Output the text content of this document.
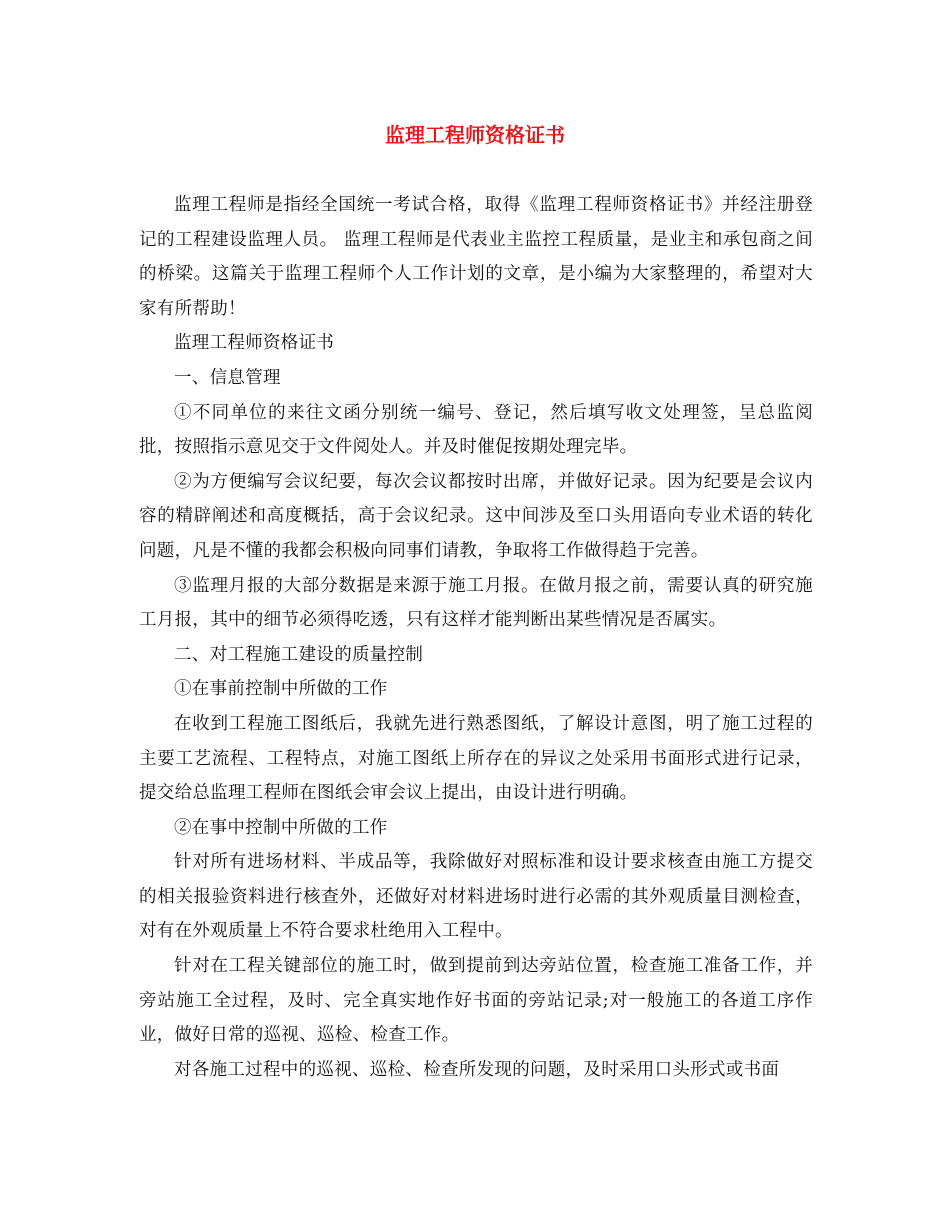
监理工程师资格证书

监理工程师是指经全国统一考试合格，取得《监理工程师资格证书》并经注册登记的工程建设监理人员。 监理工程师是代表业主监控工程质量，是业主和承包商之间的桥梁。这篇关于监理工程师个人工作计划的文章，是小编为大家整理的，希望对大家有所帮助！

监理工程师资格证书

一、信息管理

①不同单位的来往文函分别统一编号、登记，然后填写收文处理签，呈总监阅批，按照指示意见交于文件阅处人。并及时催促按期处理完毕。

②为方便编写会议纪要，每次会议都按时出席，并做好记录。因为纪要是会议内容的精辟阐述和高度概括，高于会议纪录。这中间涉及至口头用语向专业术语的转化问题，凡是不懂的我都会积极向同事们请教，争取将工作做得趋于完善。

③监理月报的大部分数据是来源于施工月报。在做月报之前，需要认真的研究施工月报，其中的细节必须得吃透，只有这样才能判断出某些情况是否属实。

二、对工程施工建设的质量控制

①在事前控制中所做的工作

在收到工程施工图纸后，我就先进行熟悉图纸，了解设计意图，明了施工过程的主要工艺流程、工程特点，对施工图纸上所存在的异议之处采用书面形式进行记录，提交给总监理工程师在图纸会审会议上提出，由设计进行明确。

②在事中控制中所做的工作

针对所有进场材料、半成品等，我除做好对照标准和设计要求核查由施工方提交的相关报验资料进行核查外，还做好对材料进场时进行必需的其外观质量目测检查，对有在外观质量上不符合要求杜绝用入工程中。

针对在工程关键部位的施工时，做到提前到达旁站位置，检查施工准备工作，并旁站施工全过程，及时、完全真实地作好书面的旁站记录;对一般施工的各道工序作业，做好日常的巡视、巡检、检查工作。

对各施工过程中的巡视、巡检、检查所发现的问题，及时采用口头形式或书面
